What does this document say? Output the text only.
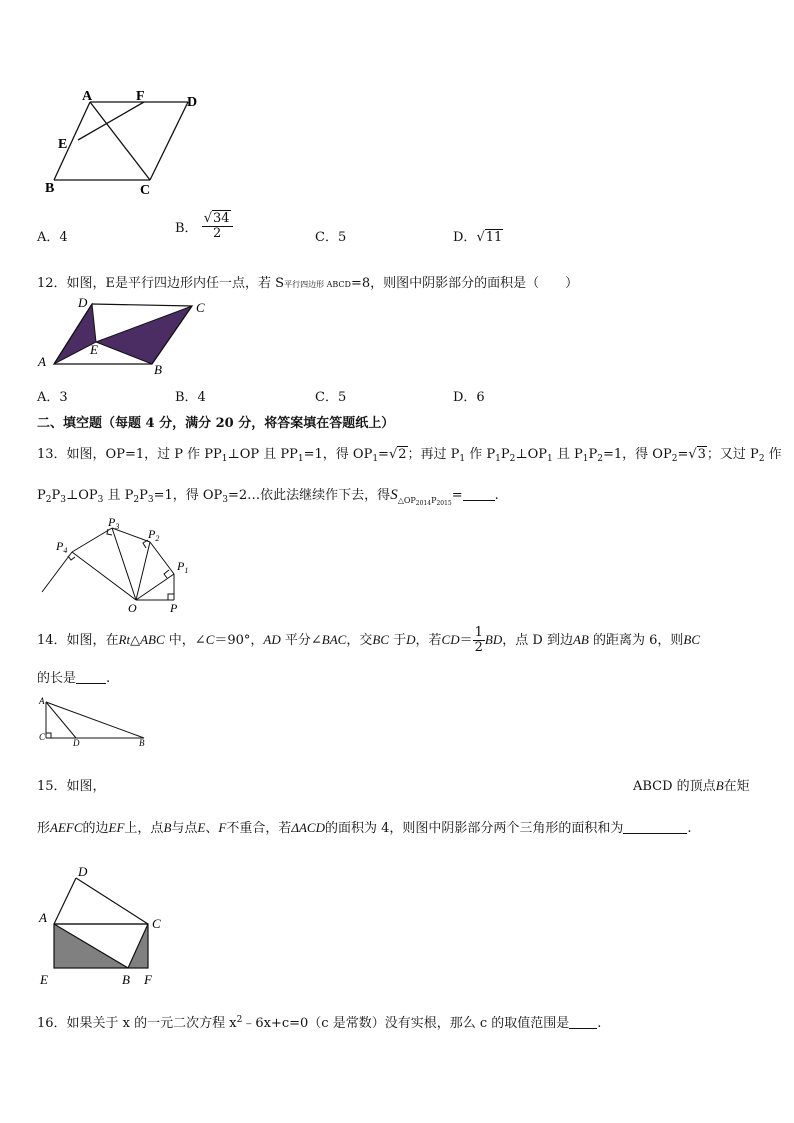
A	F	D
E
B	C
A．4
B． $\frac{√34}{2}$	C．5	D．√11
12．如图，E是平行四边形内任一点，若 S平行四边形 ABCD=8，则图中阴影部分的面积是（　　）
D	C
E
A
B
A．3	B．4	C．5	D．6
二、填空题（每题 4 分，满分 20 分，将答案填在答题纸上）
13．如图，OP=1，过 P 作 $PP_1\perp OP$ 且 $PP_1=1$，得 $OP_1=√2$；再过 $P_1$ 作 $P_1P_2\perp OP_1$ 且 $P_1P_2=1$，得 $OP_2=√3$；又过 $P_2$ 作
$P_2P_3\perp OP_3$ 且 $P_2P_3=1$，得 $OP_3=2\dots$依此法继续作下去，得$S_{\triangle OP2014P2015}=$ .
$P_4$
$P_3$
$P_2$
$P_1$
O	P
14．如图，在Rt△ABC 中，∠C＝90°，AD 平分∠BAC，交BC 于D，若$CD= \frac{1}{2}$ BD，点 D 到边AB 的距离为 6，则BC
的长是 .
A
C
D	B
15．如图，	ABCD 的顶点B在矩
形AEFC的边EF上，点B与点E、F不重合，若ΔACD的面积为 4，则图中阴影部分两个三角形的面积和为	.
D
A	C
E	B F
16．如果关于 x 的一元二次方程 $x^2﹣6x+c=0(c$ 是常数）没有实根，那么 c 的取值范围是 .
